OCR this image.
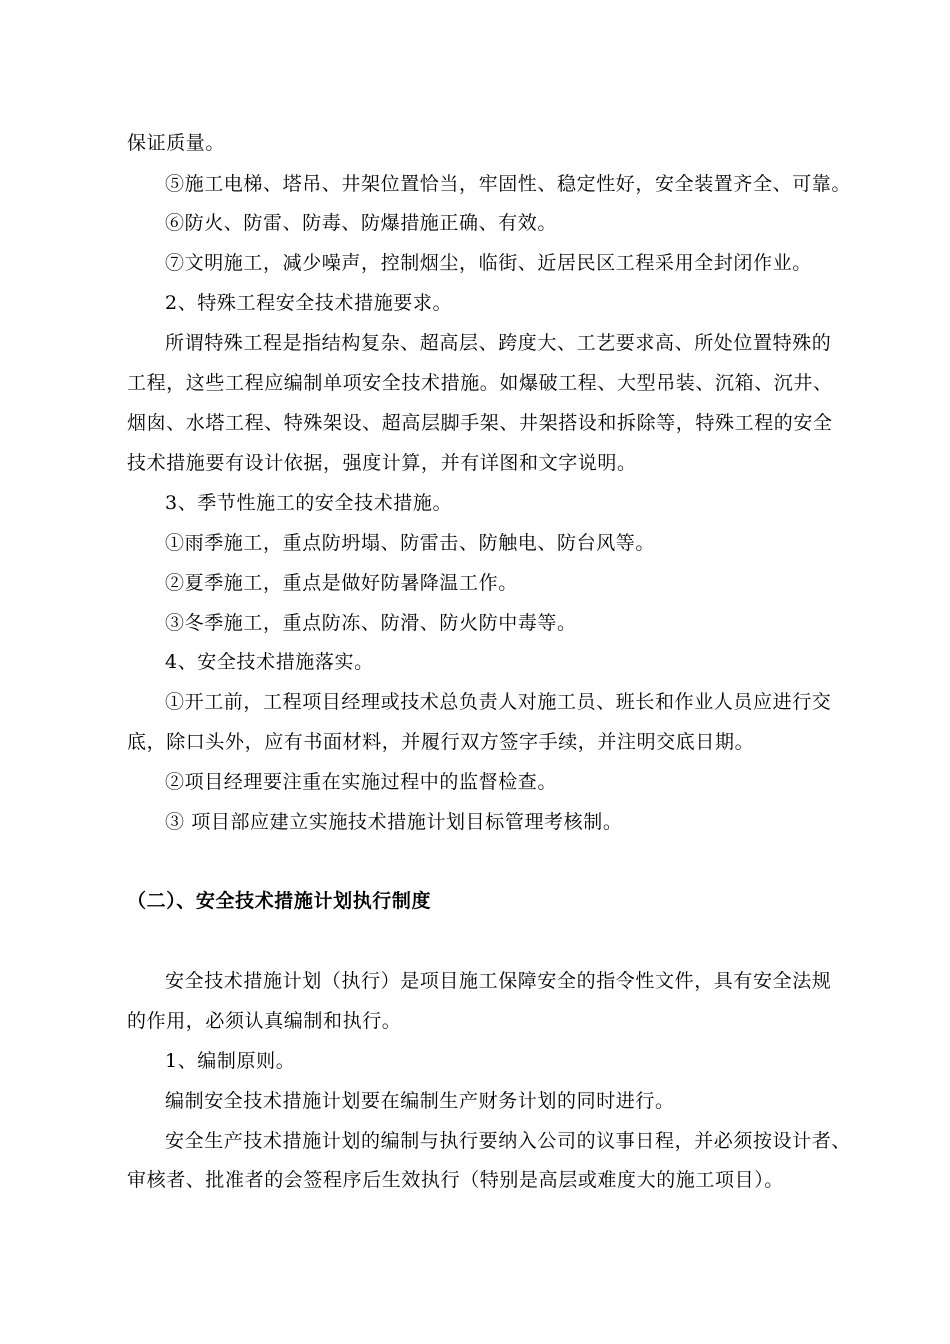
保证质量。
⑤施工电梯、塔吊、井架位置恰当，牢固性、稳定性好，安全装置齐全、可靠。
⑥防火、防雷、防毒、防爆措施正确、有效。
⑦文明施工，减少噪声，控制烟尘，临街、近居民区工程采用全封闭作业。
2、特殊工程安全技术措施要求。
所谓特殊工程是指结构复杂、超高层、跨度大、工艺要求高、所处位置特殊的
工程，这些工程应编制单项安全技术措施。如爆破工程、大型吊装、沉箱、沉井、
烟囱、水塔工程、特殊架设、超高层脚手架、井架搭设和拆除等，特殊工程的安全
技术措施要有设计依据，强度计算，并有详图和文字说明。
3、季节性施工的安全技术措施。
①雨季施工，重点防坍塌、防雷击、防触电、防台风等。
②夏季施工，重点是做好防暑降温工作。
③冬季施工，重点防冻、防滑、防火防中毒等。
4、安全技术措施落实。
①开工前，工程项目经理或技术总负责人对施工员、班长和作业人员应进行交
底，除口头外，应有书面材料，并履行双方签字手续，并注明交底日期。
②项目经理要注重在实施过程中的监督检查。
③ 项目部应建立实施技术措施计划目标管理考核制。
（二）、安全技术措施计划执行制度
安全技术措施计划（执行）是项目施工保障安全的指令性文件，具有安全法规
的作用，必须认真编制和执行。
1、编制原则。
编制安全技术措施计划要在编制生产财务计划的同时进行。
安全生产技术措施计划的编制与执行要纳入公司的议事日程，并必须按设计者、
审核者、批准者的会签程序后生效执行（特别是高层或难度大的施工项目）。
